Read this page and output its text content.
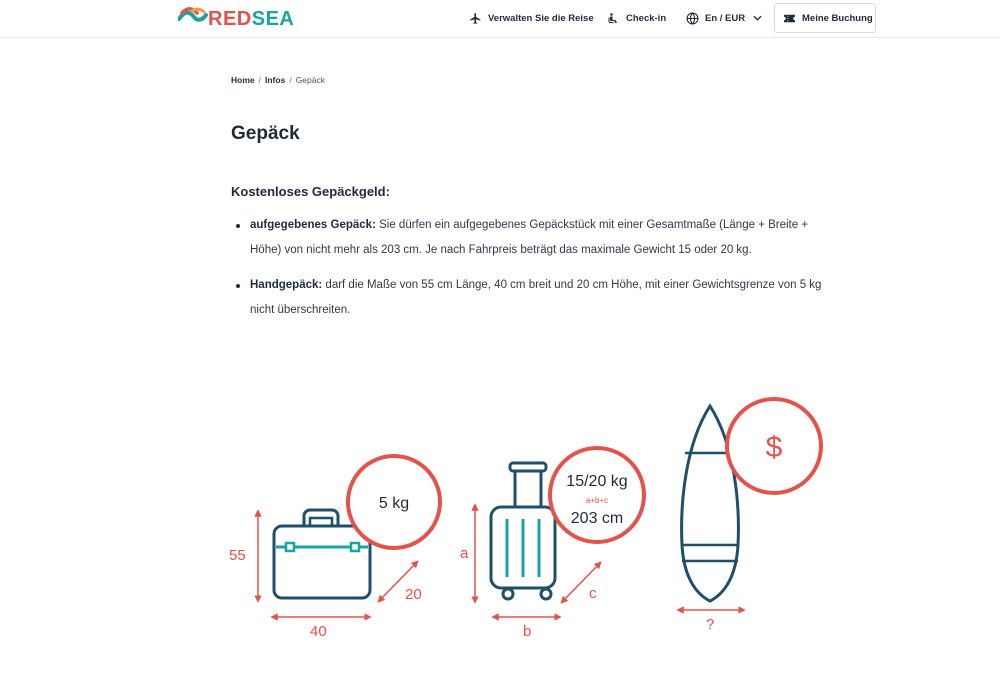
REDSEA	Verwalten Sie die Reise	Check-in	En / EUR	Meine Buchung
Home / Infos / Gepäck
Gepäck
Kostenloses Gepäckgeld:
aufgegebenes Gepäck: Sie dürfen ein aufgegebenes Gepäckstück mit einer Gesamtmaße (Länge + Breite + Höhe) von nicht mehr als 203 cm. Je nach Fahrpreis beträgt das maximale Gewicht 15 oder 20 kg.
Handgepäck: darf die Maße von 55 cm Länge, 40 cm breit und 20 cm Höhe, mit einer Gewichtsgrenze von 5 kg nicht überschreiten.
55
40
20
5 kg
a
b
c
15/20 kg
a+b+c
203 cm
?
$
